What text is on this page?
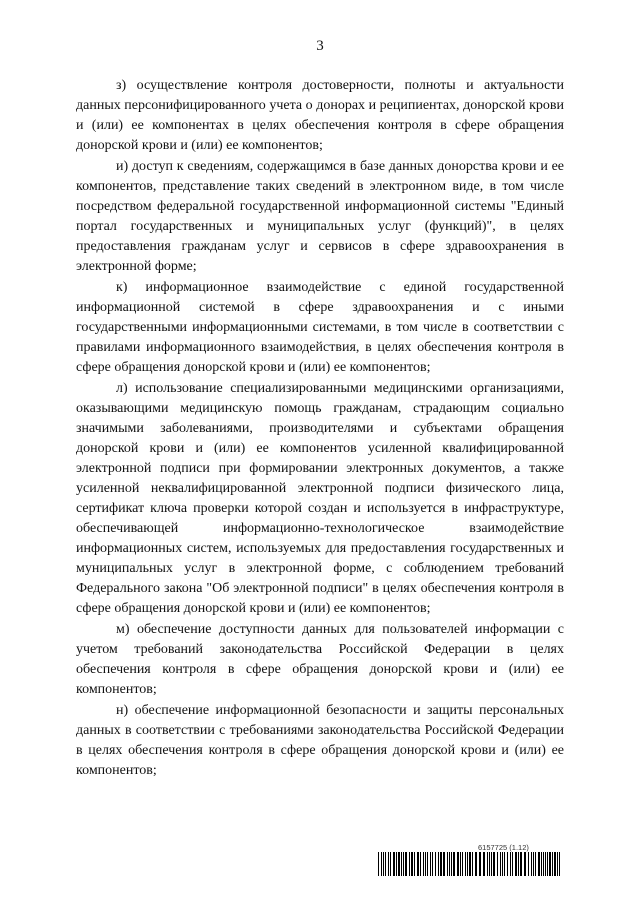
3

з) осуществление контроля достоверности, полноты и актуальности данных персонифицированного учета о донорах и реципиентах, донорской крови и (или) ее компонентах в целях обеспечения контроля в сфере обращения донорской крови и (или) ее компонентов;

и) доступ к сведениям, содержащимся в базе данных донорства крови и ее компонентов, представление таких сведений в электронном виде, в том числе посредством федеральной государственной информационной системы "Единый портал государственных и муниципальных услуг (функций)", в целях предоставления гражданам услуг и сервисов в сфере здравоохранения в электронной форме;

к) информационное взаимодействие с единой государственной информационной системой в сфере здравоохранения и с иными государственными информационными системами, в том числе в соответствии с правилами информационного взаимодействия, в целях обеспечения контроля в сфере обращения донорской крови и (или) ее компонентов;

л) использование специализированными медицинскими организациями, оказывающими медицинскую помощь гражданам, страдающим социально значимыми заболеваниями, производителями и субъектами обращения донорской крови и (или) ее компонентов усиленной квалифицированной электронной подписи при формировании электронных документов, а также усиленной неквалифицированной электронной подписи физического лица, сертификат ключа проверки которой создан и используется в инфраструктуре, обеспечивающей информационно-технологическое взаимодействие информационных систем, используемых для предоставления государственных и муниципальных услуг в электронной форме, с соблюдением требований Федерального закона "Об электронной подписи" в целях обеспечения контроля в сфере обращения донорской крови и (или) ее компонентов;

м) обеспечение доступности данных для пользователей информации с учетом требований законодательства Российской Федерации в целях обеспечения контроля в сфере обращения донорской крови и (или) ее компонентов;

н) обеспечение информационной безопасности и защиты персональных данных в соответствии с требованиями законодательства Российской Федерации в целях обеспечения контроля в сфере обращения донорской крови и (или) ее компонентов;

6157725 (1.12)
